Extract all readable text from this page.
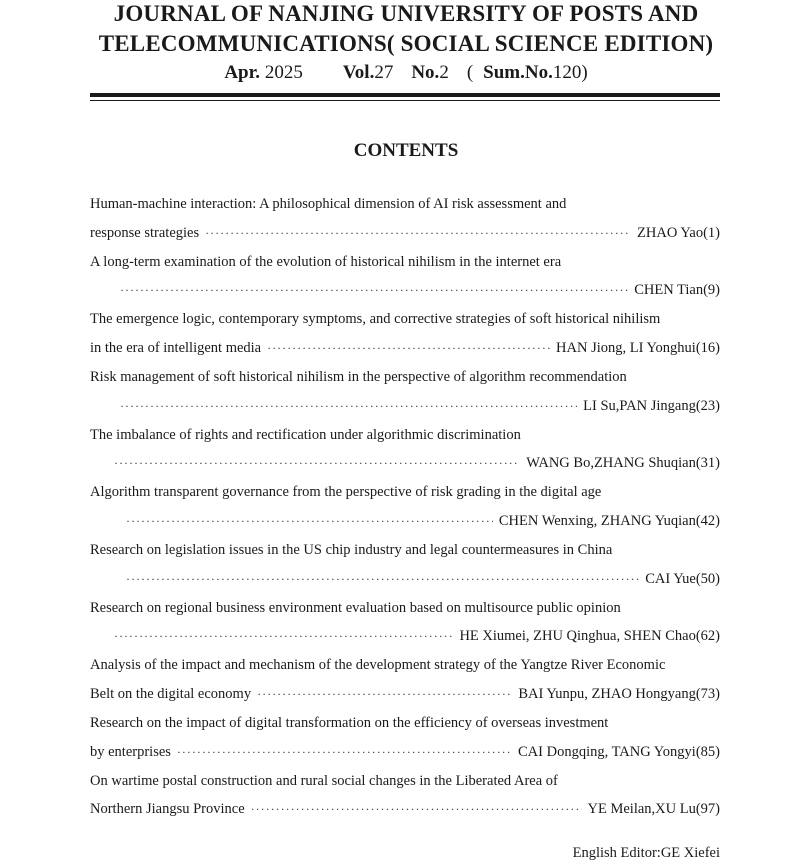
JOURNAL OF NANJING UNIVERSITY OF POSTS AND
TELECOMMUNICATIONS( SOCIAL SCIENCE EDITION)
Apr. 2025 Vol.27 No.2 ( Sum.No.120)
CONTENTS
Human-machine interaction: A philosophical dimension of AI risk assessment and
response strategies ·····	ZHAO Yao(1)
A long-term examination of the evolution of historical nihilism in the internet era
·····
CHEN Tian(9)
The emergence logic, contemporary symptoms, and corrective strategies of soft historical nihilism
in the era of intelligent media ·····	HAN Jiong, LI Yonghui(16)
Risk management of soft historical nihilism in the perspective of algorithm recommendation
·····
LI Su,PAN Jingang(23)
The imbalance of rights and rectification under algorithmic discrimination
·····
WANG Bo,ZHANG Shuqian(31)
Algorithm transparent governance from the perspective of risk grading in the digital age
·····
CHEN Wenxing, ZHANG Yuqian(42)
Research on legislation issues in the US chip industry and legal countermeasures in China
·····
CAI Yue(50)
Research on regional business environment evaluation based on multisource public opinion
·····
HE Xiumei, ZHU Qinghua, SHEN Chao(62)
Analysis of the impact and mechanism of the development strategy of the Yangtze River Economic
Belt on the digital economy ·····	BAI Yunpu, ZHAO Hongyang(73)
Research on the impact of digital transformation on the efficiency of overseas investment
by enterprises ·····	CAI Dongqing, TANG Yongyi(85)
On wartime postal construction and rural social changes in the Liberated Area of
Northern Jiangsu Province ·····	YE Meilan,XU Lu(97)
English Editor:GE Xiefei
